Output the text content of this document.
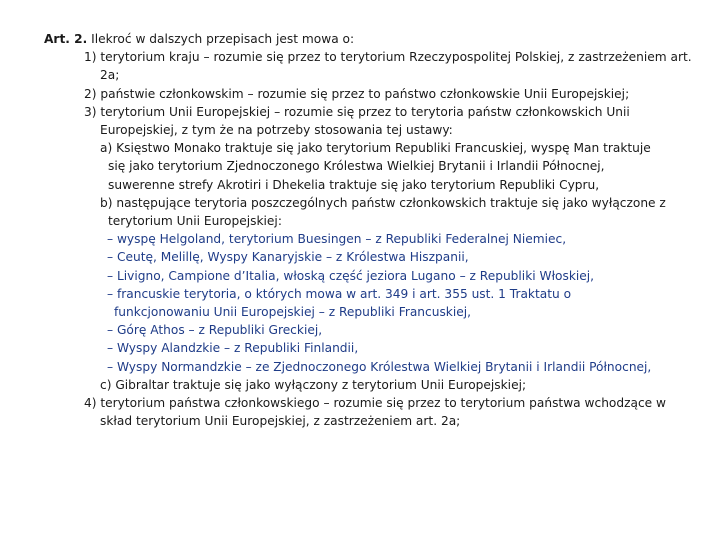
Art. 2. Ilekroć w dalszych przepisach jest mowa o:
1) terytorium kraju – rozumie się przez to terytorium Rzeczypospolitej Polskiej, z zastrzeżeniem art. 2a;
2) państwie członkowskim – rozumie się przez to państwo członkowskie Unii Europejskiej;
3) terytorium Unii Europejskiej – rozumie się przez to terytoria państw członkowskich Unii Europejskiej, z tym że na potrzeby stosowania tej ustawy:
a) Księstwo Monako traktuje się jako terytorium Republiki Francuskiej, wyspę Man traktuje się jako terytorium Zjednoczonego Królestwa Wielkiej Brytanii i Irlandii Północnej, suwerenne strefy Akrotiri i Dhekelia traktuje się jako terytorium Republiki Cypru,
b) następujące terytoria poszczególnych państw członkowskich traktuje się jako wyłączone z terytorium Unii Europejskiej:
– wyspę Helgoland, terytorium Buesingen – z Republiki Federalnej Niemiec,
– Ceutę, Melillę, Wyspy Kanaryjskie – z Królestwa Hiszpanii,
– Livigno, Campione d’Italia, włoską część jeziora Lugano – z Republiki Włoskiej,
– francuskie terytoria, o których mowa w art. 349 i art. 355 ust. 1 Traktatu o funkcjonowaniu Unii Europejskiej – z Republiki Francuskiej,
– Górę Athos – z Republiki Greckiej,
– Wyspy Alandzkie – z Republiki Finlandii,
– Wyspy Normandzkie – ze Zjednoczonego Królestwa Wielkiej Brytanii i Irlandii Północnej,
c) Gibraltar traktuje się jako wyłączony z terytorium Unii Europejskiej;
4) terytorium państwa członkowskiego – rozumie się przez to terytorium państwa wchodzące w skład terytorium Unii Europejskiej, z zastrzeżeniem art. 2a;
